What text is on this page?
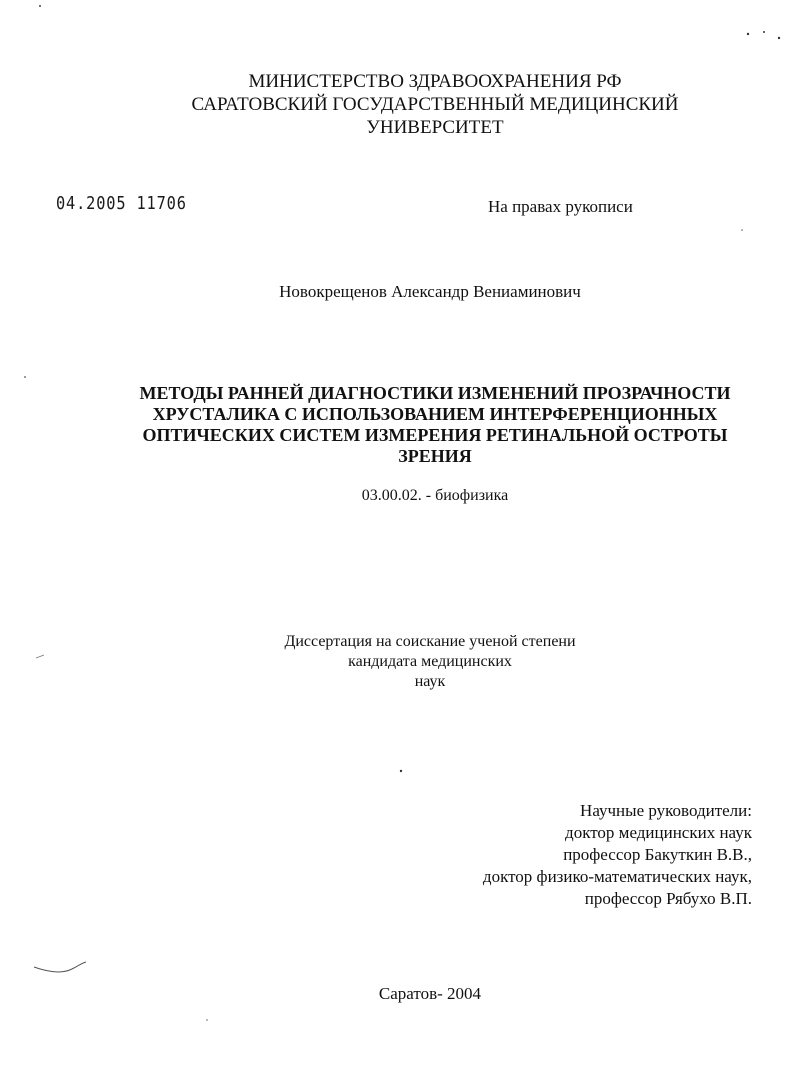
МИНИСТЕРСТВО ЗДРАВООХРАНЕНИЯ РФ
САРАТОВСКИЙ ГОСУДАРСТВЕННЫЙ МЕДИЦИНСКИЙ
УНИВЕРСИТЕТ
04.2005 11706	На правах рукописи
Новокрещенов Александр Вениаминович
МЕТОДЫ РАННЕЙ ДИАГНОСТИКИ ИЗМЕНЕНИЙ ПРОЗРАЧНОСТИ
ХРУСТАЛИКА С ИСПОЛЬЗОВАНИЕМ ИНТЕРФЕРЕНЦИОННЫХ
ОПТИЧЕСКИХ СИСТЕМ ИЗМЕРЕНИЯ РЕТИНАЛЬНОЙ ОСТРОТЫ
ЗРЕНИЯ
03.00.02. - биофизика
Диссертация на соискание ученой степени
кандидата медицинских
наук
Научные руководители:
доктор медицинских наук
профессор Бакуткин В.В.,
доктор физико-математических наук,
профессор Рябухо В.П.
Саратов- 2004
